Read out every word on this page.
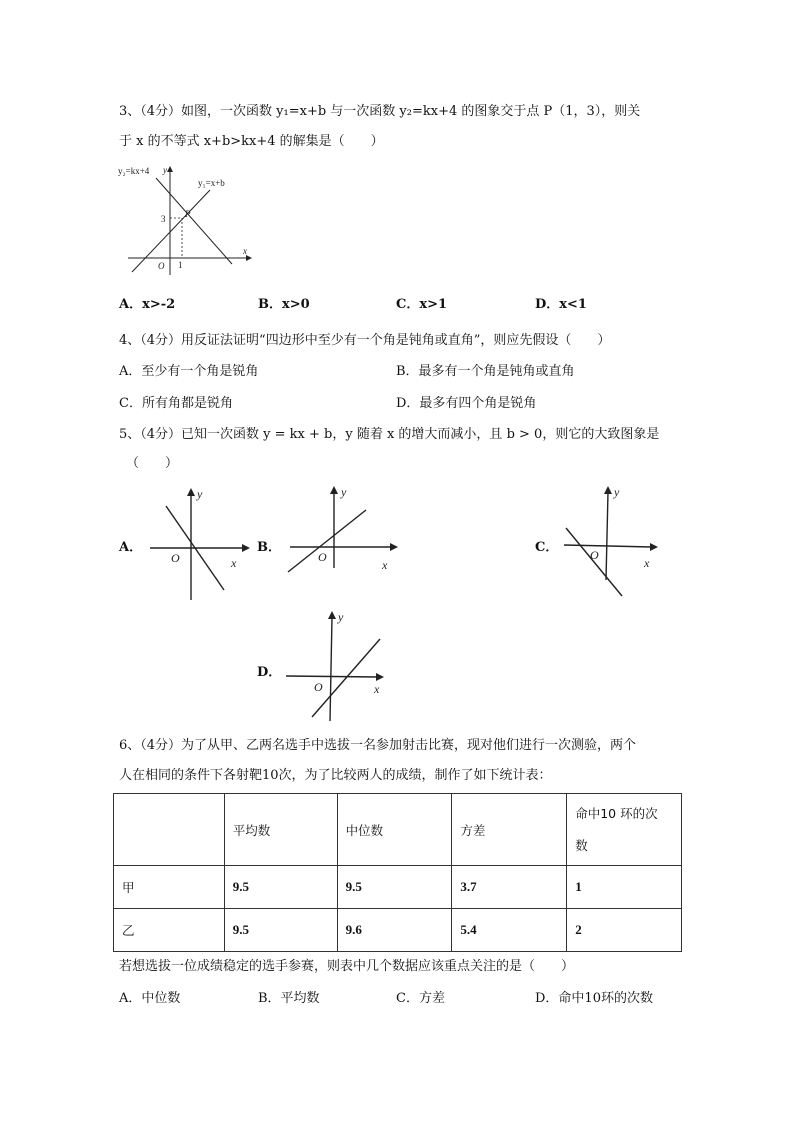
3、（4分）如图，一次函数 y₁=x+b 与一次函数 y₂=kx+4 的图象交于点 P（1，3），则关
于 x 的不等式 x+b>kx+4 的解集是（　　）
y₂=kx+4 y
y₁=x+b
P
3
1
O
x
A．x>-2	B．x>0	C．x>1	D．x<1
4、（4分）用反证法证明“四边形中至少有一个角是钝角或直角”，则应先假设（　　）
A．至少有一个角是锐角	B．最多有一个角是钝角或直角
C．所有角都是锐角	D．最多有四个角是锐角
5、（4分）已知一次函数 y = kx + b，y 随着 x 的增大而减小，且 b > 0，则它的大致图象是
（　　）
A．
y
O	x
B．
y
O
x
C．
y
O
x
D．
y
O	x
6、（4分）为了从甲、乙两名选手中选拔一名参加射击比赛，现对他们进行一次测验，两个
人在相同的条件下各射靶10次，为了比较两人的成绩，制作了如下统计表：
	平均数	中位数	方差	命中10 环的次
数

甲	9.5	9.5	3.7	1
乙	9.5	9.6	5.4	2
若想选拔一位成绩稳定的选手参赛，则表中几个数据应该重点关注的是（　　）
A．中位数	B．平均数	C．方差	D．命中10环的次数
